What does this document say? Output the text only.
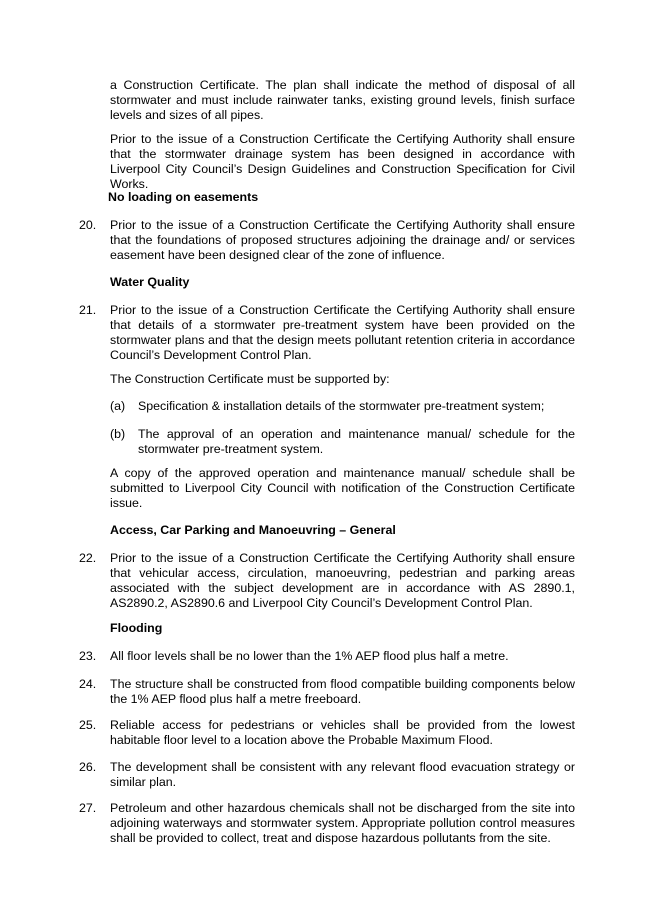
a Construction Certificate. The plan shall indicate the method of disposal of all stormwater and must include rainwater tanks, existing ground levels, finish surface levels and sizes of all pipes.

Prior to the issue of a Construction Certificate the Certifying Authority shall ensure that the stormwater drainage system has been designed in accordance with Liverpool City Council’s Design Guidelines and Construction Specification for Civil Works.

No loading on easements

20. Prior to the issue of a Construction Certificate the Certifying Authority shall ensure that the foundations of proposed structures adjoining the drainage and/ or services easement have been designed clear of the zone of influence.

Water Quality

21. Prior to the issue of a Construction Certificate the Certifying Authority shall ensure that details of a stormwater pre-treatment system have been provided on the stormwater plans and that the design meets pollutant retention criteria in accordance Council’s Development Control Plan.

The Construction Certificate must be supported by:

(a) Specification & installation details of the stormwater pre-treatment system;

(b) The approval of an operation and maintenance manual/ schedule for the stormwater pre-treatment system.

A copy of the approved operation and maintenance manual/ schedule shall be submitted to Liverpool City Council with notification of the Construction Certificate issue.

Access, Car Parking and Manoeuvring – General

22. Prior to the issue of a Construction Certificate the Certifying Authority shall ensure that vehicular access, circulation, manoeuvring, pedestrian and parking areas associated with the subject development are in accordance with AS 2890.1, AS2890.2, AS2890.6 and Liverpool City Council’s Development Control Plan.

Flooding

23. All floor levels shall be no lower than the 1% AEP flood plus half a metre.

24. The structure shall be constructed from flood compatible building components below the 1% AEP flood plus half a metre freeboard.

25. Reliable access for pedestrians or vehicles shall be provided from the lowest habitable floor level to a location above the Probable Maximum Flood.

26. The development shall be consistent with any relevant flood evacuation strategy or similar plan.

27. Petroleum and other hazardous chemicals shall not be discharged from the site into adjoining waterways and stormwater system. Appropriate pollution control measures shall be provided to collect, treat and dispose hazardous pollutants from the site.
